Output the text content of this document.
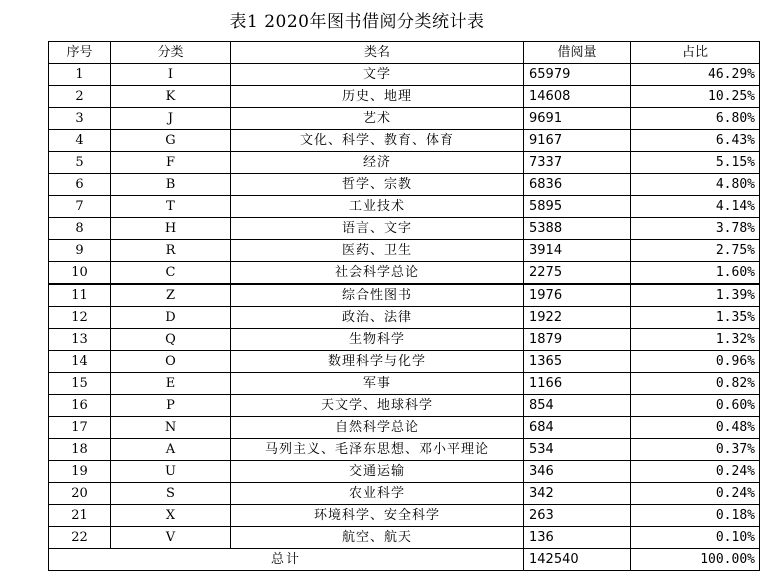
表1 2020年图书借阅分类统计表
序号	分类	类名	借阅量	占比
1	I	文学	65979	46.29%
2	K	历史、地理	14608	10.25%
3	J	艺术	9691	6.80%
4	G	文化、科学、教育、体育	9167	6.43%
5	F	经济	7337	5.15%
6	B	哲学、宗教	6836	4.80%
7	T	工业技术	5895	4.14%
8	H	语言、文字	5388	3.78%
9	R	医药、卫生	3914	2.75%
10	C	社会科学总论	2275	1.60%
11	Z	综合性图书	1976	1.39%
12	D	政治、法律	1922	1.35%
13	Q	生物科学	1879	1.32%
14	O	数理科学与化学	1365	0.96%
15	E	军事	1166	0.82%
16	P	天文学、地球科学	854	0.60%
17	N	自然科学总论	684	0.48%
18	A	马列主义、毛泽东思想、邓小平理论	534	0.37%
19	U	交通运输	346	0.24%
20	S	农业科学	342	0.24%
21	X	环境科学、安全科学	263	0.18%
22	V	航空、航天	136	0.10%
总计			142540	100.00%
